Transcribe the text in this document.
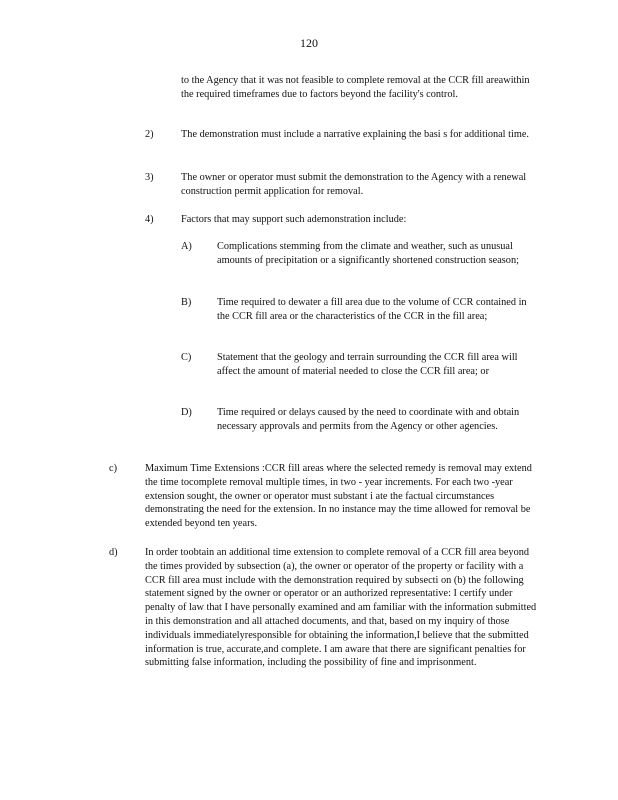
120

to the Agency that it was not feasible to complete removal at the CCR fill areawithin the required timeframes due to factors beyond the facility's control.

2)	The demonstration must include a narrative explaining the basi s for additional time.

3)	The owner or operator must submit the demonstration to the Agency with a renewal construction permit application for removal.

4)	Factors that may support such ademonstration include:

A) Complications stemming from the climate and weather, such as unusual amounts of precipitation or a significantly shortened construction season;

B) Time required to dewater a fill area due to the volume of CCR contained in the CCR fill area or the characteristics of the CCR in the fill area;

C) Statement that the geology and terrain surrounding the CCR fill area will affect the amount of material needed to close the CCR fill area; or

D) Time required or delays caused by the need to coordinate with and obtain necessary approvals and permits from the Agency or other agencies.

c)	Maximum Time Extensions :CCR fill areas where the selected remedy is removal may extend the time tocomplete removal multiple times, in two - year increments. For each two -year extension sought, the owner or operator must substant i ate the factual circumstances demonstrating the need for the extension. In no instance may the time allowed for removal be extended beyond ten years.

d)	In order toobtain an additional time extension to complete removal of a CCR fill area beyond the times provided by subsection (a), the owner or operator of the property or facility with a CCR fill area must include with the demonstration required by subsecti on (b) the following statement signed by the owner or operator or an authorized representative: I certify under penalty of law that I have personally examined and am familiar with the information submitted in this demonstration and all attached documents, and that, based on my inquiry of those individuals immediatelyresponsible for obtaining the information,I believe that the submitted information is true, accurate,and complete. I am aware that there are significant penalties for submitting false information, including the possibility of fine and imprisonment.
